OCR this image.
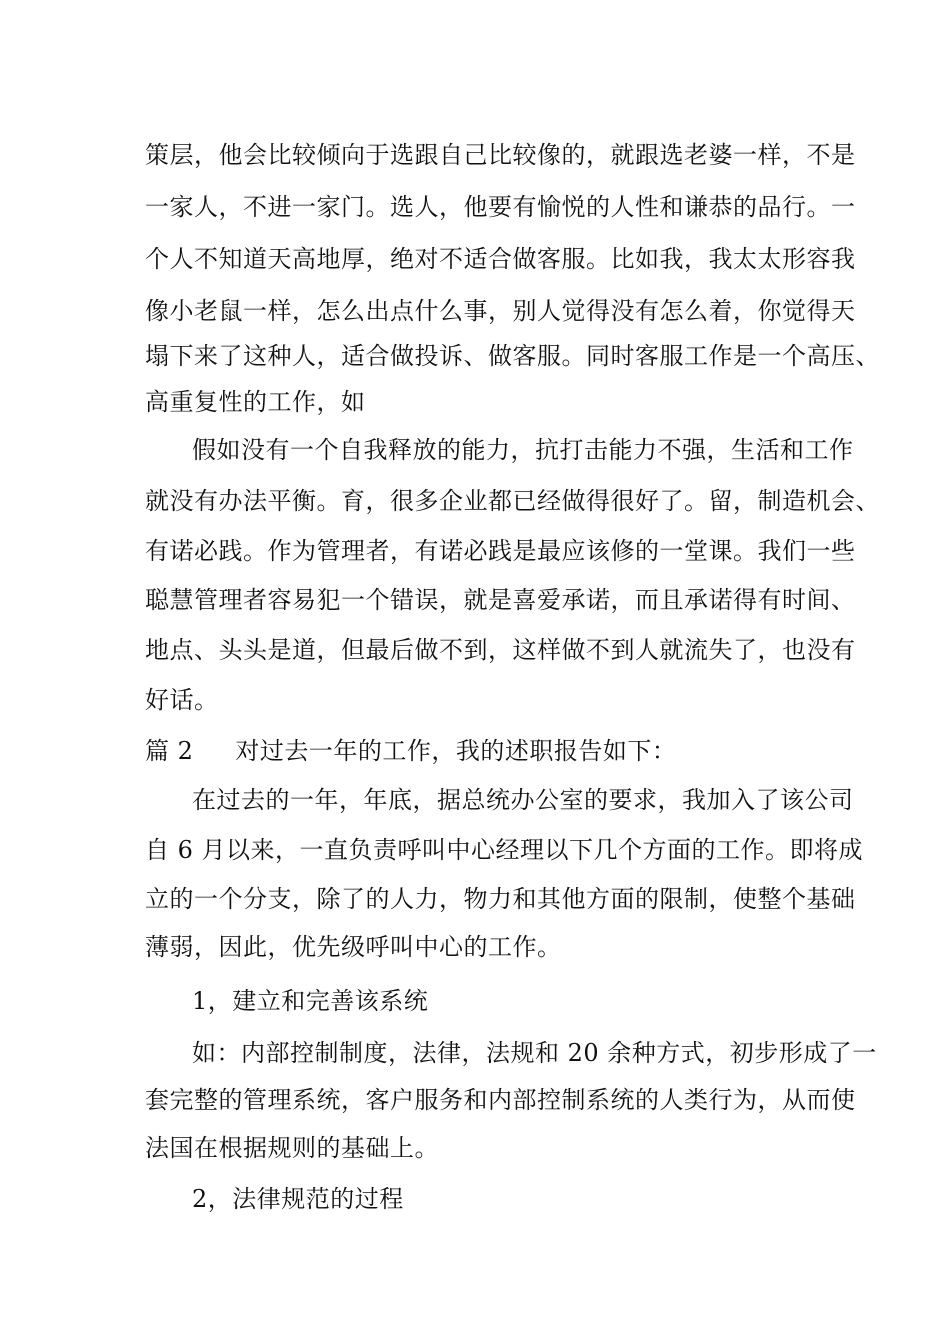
策层，他会比较倾向于选跟自己比较像的，就跟选老婆一样，不是
一家人，不进一家门。选人，他要有愉悦的人性和谦恭的品行。一
个人不知道天高地厚，绝对不适合做客服。比如我，我太太形容我
像小老鼠一样，怎么出点什么事，别人觉得没有怎么着，你觉得天
塌下来了这种人，适合做投诉、做客服。同时客服工作是一个高压、
高重复性的工作，如
假如没有一个自我释放的能力，抗打击能力不强，生活和工作
就没有办法平衡。育，很多企业都已经做得很好了。留，制造机会、
有诺必践。作为管理者，有诺必践是最应该修的一堂课。我们一些
聪慧管理者容易犯一个错误，就是喜爱承诺，而且承诺得有时间、
地点、头头是道，但最后做不到，这样做不到人就流失了，也没有
好话。
篇 2 对过去一年的工作，我的述职报告如下：
在过去的一年，年底，据总统办公室的要求，我加入了该公司
自 6 月以来，一直负责呼叫中心经理以下几个方面的工作。即将成
立的一个分支，除了的人力，物力和其他方面的限制，使整个基础
薄弱，因此，优先级呼叫中心的工作。
1，建立和完善该系统
如：内部控制制度，法律，法规和 20 余种方式，初步形成了一
套完整的管理系统，客户服务和内部控制系统的人类行为，从而使
法国在根据规则的基础上。
2，法律规范的过程
